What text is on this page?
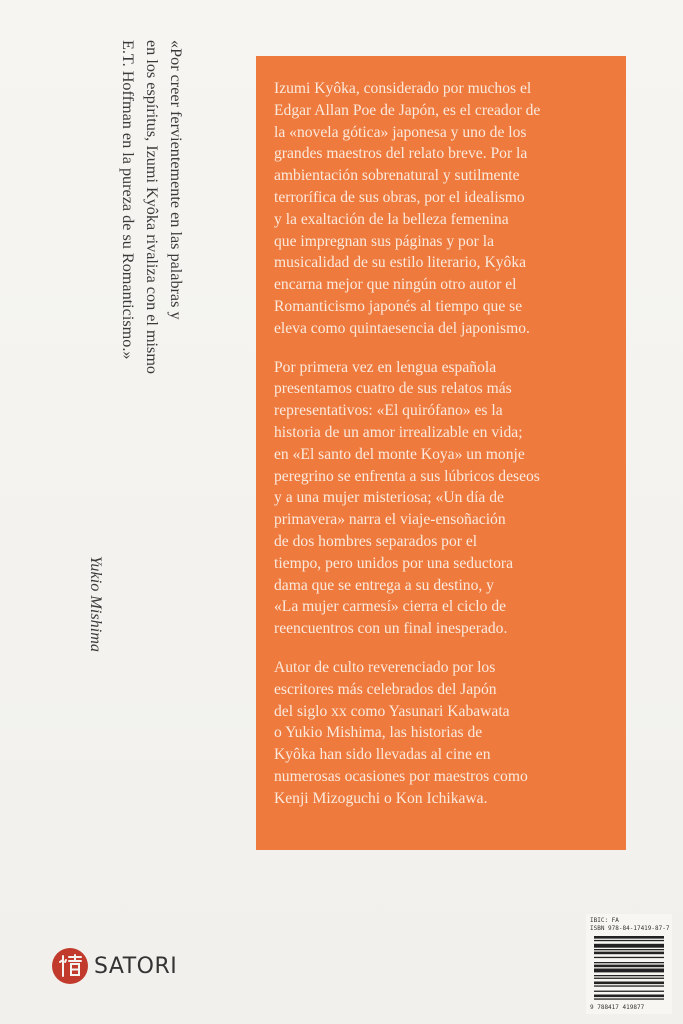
«Por creer fervientemente en las palabras y
en los espíritus, Izumi Kyôka rivaliza con el mismo
E.T. Hoffman en la pureza de su Romanticismo.»
Yukio Mishima

Izumi Kyôka, considerado por muchos el
Edgar Allan Poe de Japón, es el creador de
la «novela gótica» japonesa y uno de los
grandes maestros del relato breve. Por la
ambientación sobrenatural y sutilmente
terrorífica de sus obras, por el idealismo
y la exaltación de la belleza femenina
que impregnan sus páginas y por la
musicalidad de su estilo literario, Kyôka
encarna mejor que ningún otro autor el
Romanticismo japonés al tiempo que se
eleva como quintaesencia del japonismo.

Por primera vez en lengua española
presentamos cuatro de sus relatos más
representativos: «El quirófano» es la
historia de un amor irrealizable en vida;
en «El santo del monte Koya» un monje
peregrino se enfrenta a sus lúbricos deseos
y a una mujer misteriosa; «Un día de
primavera» narra el viaje-ensoñación
de dos hombres separados por el
tiempo, pero unidos por una seductora
dama que se entrega a su destino, y
«La mujer carmesí» cierra el ciclo de
reencuentros con un final inesperado.

Autor de culto reverenciado por los
escritores más celebrados del Japón
del siglo xx como Yasunari Kabawata
o Yukio Mishima, las historias de
Kyôka han sido llevadas al cine en
numerosas ocasiones por maestros como
Kenji Mizoguchi o Kon Ichikawa.

SATORI
IBIC: FA
ISBN 978-84-17419-87-7
9 788417 419877
